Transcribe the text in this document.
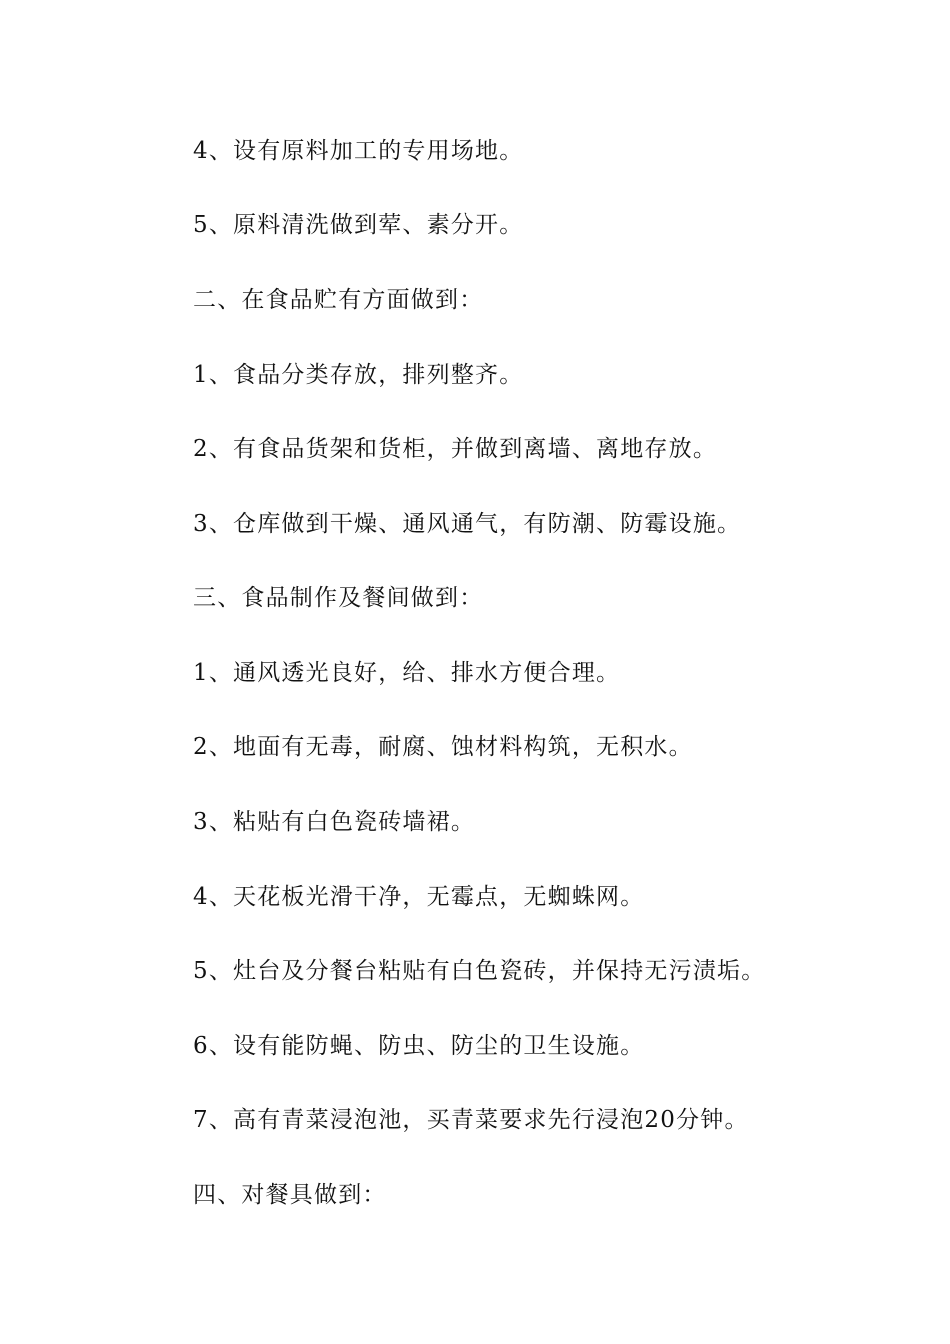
4、设有原料加工的专用场地。
5、原料清洗做到荤、素分开。
二、在食品贮有方面做到：
1、食品分类存放，排列整齐。
2、有食品货架和货柜，并做到离墙、离地存放。
3、仓库做到干燥、通风通气，有防潮、防霉设施。
三、食品制作及餐间做到：
1、通风透光良好，给、排水方便合理。
2、地面有无毒，耐腐、蚀材料构筑，无积水。
3、粘贴有白色瓷砖墙裙。
4、天花板光滑干净，无霉点，无蜘蛛网。
5、灶台及分餐台粘贴有白色瓷砖，并保持无污渍垢。
6、设有能防蝇、防虫、防尘的卫生设施。
7、高有青菜浸泡池，买青菜要求先行浸泡20分钟。
四、对餐具做到：
